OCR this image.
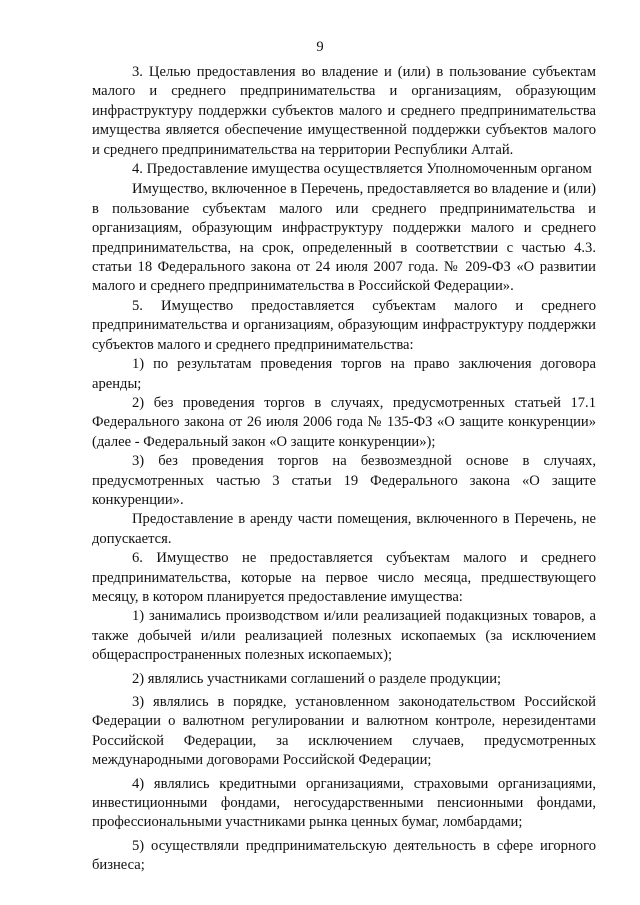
9

3. Целью предоставления во владение и (или) в пользование субъектам малого и среднего предпринимательства и организациям, образующим инфраструктуру поддержки субъектов малого и среднего предпринимательства имущества является обеспечение имущественной поддержки субъектов малого и среднего предпринимательства на территории Республики Алтай.

4. Предоставление имущества осуществляется Уполномоченным органом

Имущество, включенное в Перечень, предоставляется во владение и (или) в пользование субъектам малого или среднего предпринимательства и организациям, образующим инфраструктуру поддержки малого и среднего предпринимательства, на срок, определенный в соответствии с частью 4.3. статьи 18 Федерального закона от 24 июля 2007 года. № 209-ФЗ «О развитии малого и среднего предпринимательства в Российской Федерации».

5. Имущество предоставляется субъектам малого и среднего предпринимательства и организациям, образующим инфраструктуру поддержки субъектов малого и среднего предпринимательства:

1) по результатам проведения торгов на право заключения договора аренды;

2) без проведения торгов в случаях, предусмотренных статьей 17.1 Федерального закона от 26 июля 2006 года № 135-ФЗ «О защите конкуренции» (далее - Федеральный закон «О защите конкуренции»);

3) без проведения торгов на безвозмездной основе в случаях, предусмотренных частью 3 статьи 19 Федерального закона «О защите конкуренции».

Предоставление в аренду части помещения, включенного в Перечень, не допускается.

6. Имущество не предоставляется субъектам малого и среднего предпринимательства, которые на первое число месяца, предшествующего месяцу, в котором планируется предоставление имущества:

1) занимались производством и/или реализацией подакцизных товаров, а также добычей и/или реализацией полезных ископаемых (за исключением общераспространенных полезных ископаемых);

2) являлись участниками соглашений о разделе продукции;

3) являлись в порядке, установленном законодательством Российской Федерации о валютном регулировании и валютном контроле, нерезидентами Российской Федерации, за исключением случаев, предусмотренных международными договорами Российской Федерации;

4) являлись кредитными организациями, страховыми организациями, инвестиционными фондами, негосударственными пенсионными фондами, профессиональными участниками рынка ценных бумаг, ломбардами;

5) осуществляли предпринимательскую деятельность в сфере игорного бизнеса;
